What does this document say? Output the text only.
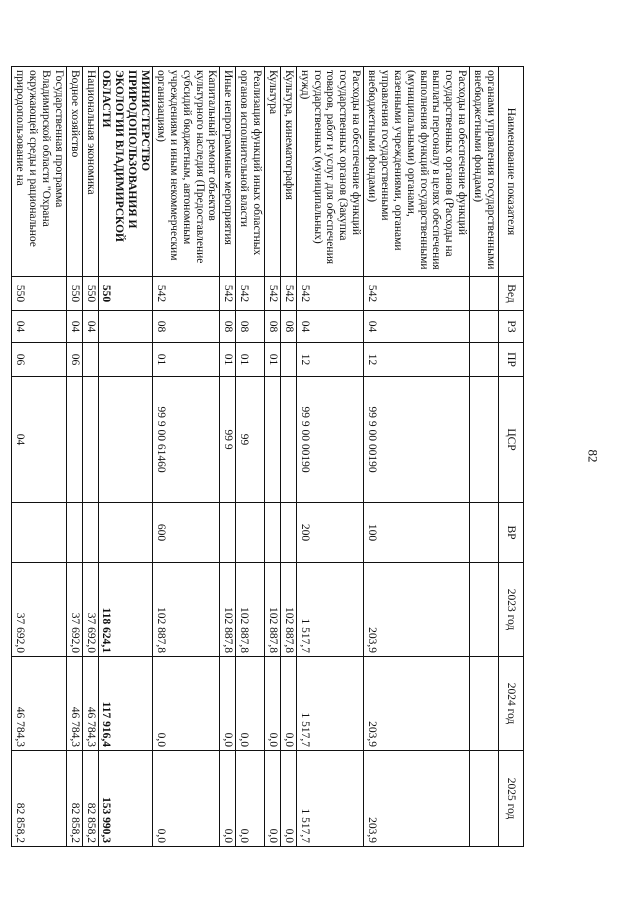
82
Наименование показателя	Вед	РЗ	ПР	ЦСР	ВР	2023 год	2024 год	2025 год
органами управления государственными внебюджетными фондами)								
Расходы на обеспечение функций государственных органов (Расходы на выплаты персоналу в целях обеспечения выполнения функций государственными (муниципальными) органами, казенными учреждениями, органами управления государственными внебюджетными фондами)	542	04	12	99 9 00 00190	100	203,9	203,9	203,9
Расходы на обеспечение функций государственных органов (Закупка товаров, работ и услуг для обеспечения государственных (муниципальных) нужд)	542	04	12	99 9 00 00190	200	1 517,7	1 517,7	1 517,7
Культура, кинематография	542	08				102 887,8	0,0	0,0
Культура	542	08	01			102 887,8	0,0	0,0
Реализация функций иных областных органов исполнительной власти	542	08	01	99		102 887,8	0,0	0,0
Иные непрограммные мероприятия	542	08	01	99 9		102 887,8	0,0	0,0
Капитальный ремонт объектов культурного наследия (Предоставление субсидий бюджетным, автономным учреждениям и иным некоммерческим организациям)	542	08	01	99 9 00 61460	600	102 887,8	0,0	0,0
МИНИСТЕРСТВО ПРИРОДОПОЛЬЗОВАНИЯ И ЭКОЛОГИИ ВЛАДИМИРСКОЙ ОБЛАСТИ	550					118 624,1	117 916,4	153 990,3
Национальная экономика	550	04				37 692,0	46 784,3	82 858,2
Водное хозяйство	550	04	06			37 692,0	46 784,3	82 858,2
Государственная программа Владимирской области "Охрана окружающей среды и рациональное природопользование на	550	04	06	04		37 692,0	46 784,3	82 858,2
